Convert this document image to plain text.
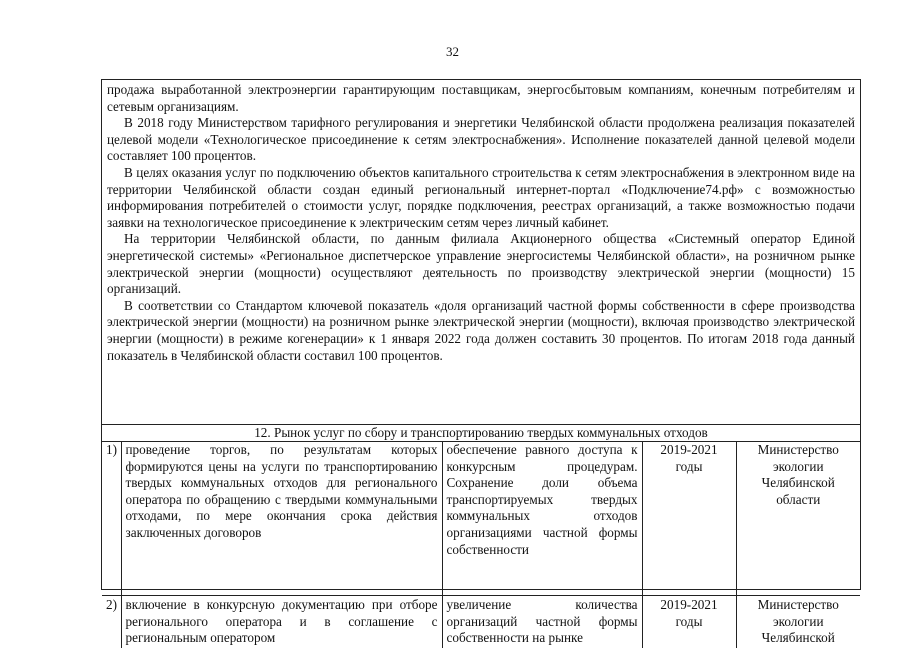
32

продажа выработанной электроэнергии гарантирующим поставщикам, энергосбытовым компаниям, конечным потребителям и сетевым организациям.

В 2018 году Министерством тарифного регулирования и энергетики Челябинской области продолжена реализация показателей целевой модели «Технологическое присоединение к сетям электроснабжения». Исполнение показателей данной целевой модели составляет 100 процентов.

В целях оказания услуг по подключению объектов капитального строительства к сетям электроснабжения в электронном виде на территории Челябинской области создан единый региональный интернет-портал «Подключение74.рф» с возможностью информирования потребителей о стоимости услуг, порядке подключения, реестрах организаций, а также возможностью подачи заявки на технологическое присоединение к электрическим сетям через личный кабинет.

На территории Челябинской области, по данным филиала Акционерного общества «Системный оператор Единой энергетической системы» «Региональное диспетчерское управление энергосистемы Челябинской области», на розничном рынке электрической энергии (мощности) осуществляют деятельность по производству электрической энергии (мощности) 15 организаций.

В соответствии со Стандартом ключевой показатель «доля организаций частной формы собственности в сфере производства электрической энергии (мощности) на розничном рынке электрической энергии (мощности), включая производство электрической энергии (мощности) в режиме когенерации» к 1 января 2022 года должен составить 30 процентов. По итогам 2018 года данный показатель в Челябинской области составил 100 процентов.

12. Рынок услуг по сбору и транспортированию твердых коммунальных отходов
1)	проведение торгов, по результатам которых формируются цены на услуги по транспортированию твердых коммунальных отходов для регионального оператора по обращению с твердыми коммунальными отходами, по мере окончания срока действия заключенных договоров	обеспечение равного доступа к конкурсным процедурам. Сохранение доли объема транспортируемых твердых коммунальных отходов организациями частной формы собственности	2019-2021 годы	Министерство экологии Челябинской области
2)	включение в конкурсную документацию при отборе регионального оператора и в соглашение с региональным оператором	увеличение количества организаций частной формы собственности на рынке	2019-2021 годы	Министерство экологии Челябинской
